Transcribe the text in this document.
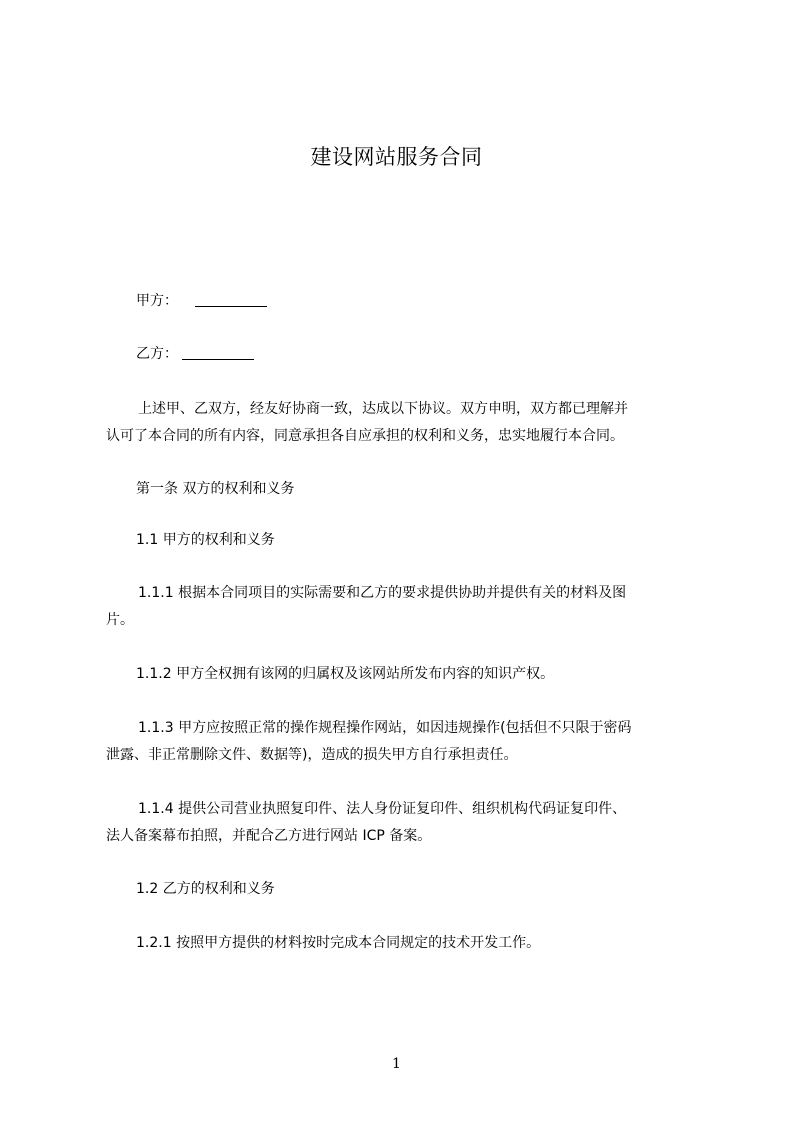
建设网站服务合同
甲方：
乙方：
上述甲、乙双方，经友好协商一致，达成以下协议。双方申明，双方都已理解并
认可了本合同的所有内容，同意承担各自应承担的权利和义务，忠实地履行本合同。
第一条 双方的权利和义务
1.1 甲方的权利和义务
1.1.1 根据本合同项目的实际需要和乙方的要求提供协助并提供有关的材料及图
片。
1.1.2 甲方全权拥有该网的归属权及该网站所发布内容的知识产权。
1.1.3 甲方应按照正常的操作规程操作网站，如因违规操作(包括但不只限于密码
泄露、非正常删除文件、数据等)，造成的损失甲方自行承担责任。
1.1.4 提供公司营业执照复印件、法人身份证复印件、组织机构代码证复印件、
法人备案幕布拍照，并配合乙方进行网站 ICP 备案。
1.2 乙方的权利和义务
1.2.1 按照甲方提供的材料按时完成本合同规定的技术开发工作。
1
